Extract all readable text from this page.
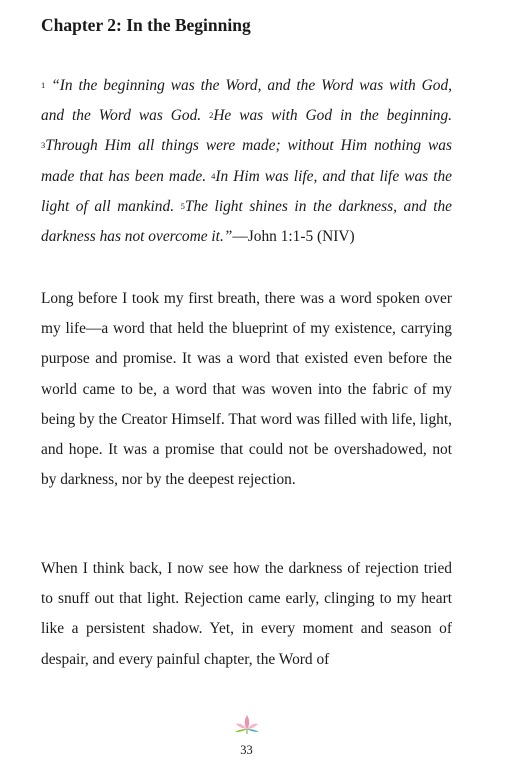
Chapter 2: In the Beginning
$^1$ “In the beginning was the Word, and the Word was with God, and the Word was God. $^2$He was with God in the beginning. $^3$Through Him all things were made; without Him nothing was made that has been made. $^4$In Him was life, and that life was the light of all mankind. $^5$The light shines in the darkness, and the darkness has not overcome it.”—John 1:1-5 (NIV)

Long before I took my first breath, there was a word spoken over my life—a word that held the blueprint of my existence, carrying purpose and promise. It was a word that existed even before the world came to be, a word that was woven into the fabric of my being by the Creator Himself. That word was filled with life, light, and hope. It was a promise that could not be overshadowed, not by darkness, nor by the deepest rejection.

When I think back, I now see how the darkness of rejection tried to snuff out that light. Rejection came early, clinging to my heart like a persistent shadow. Yet, in every moment and season of despair, and every painful chapter, the Word of

33
